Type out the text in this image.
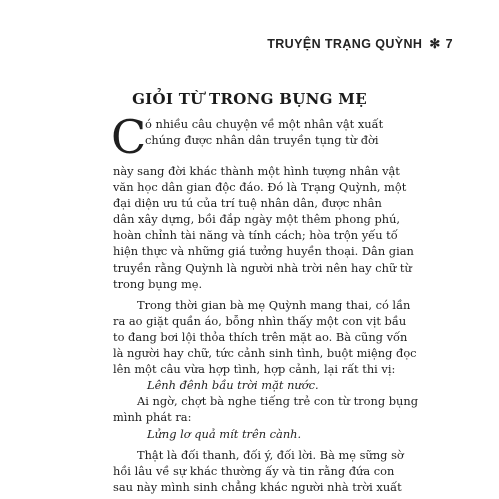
TRUYỆN TRẠNG QUỲNH ✻ 7
GIỎI TỪ TRONG BỤNG MẸ
C
ó nhiều câu chuyện về một nhân vật xuất
chúng được nhân dân truyền tụng từ đời
này sang đời khác thành một hình tượng nhân vật
văn học dân gian độc đáo. Đó là Trạng Quỳnh, một
đại diện ưu tú của trí tuệ nhân dân, được nhân
dân xây dựng, bồi đắp ngày một thêm phong phú,
hoàn chỉnh tài năng và tính cách; hòa trộn yếu tố
hiện thực và những giá tưởng huyền thoại. Dân gian
truyền rằng Quỳnh là người nhà trời nên hay chữ từ
trong bụng mẹ.
Trong thời gian bà mẹ Quỳnh mang thai, có lần
ra ao giặt quần áo, bỗng nhìn thấy một con vịt bầu
to đang bơi lội thỏa thích trên mặt ao. Bà cũng vốn
là người hay chữ, tức cảnh sinh tình, buột miệng đọc
lên một câu vừa hợp tình, hợp cảnh, lại rất thi vị:
Lênh đênh bầu trời mặt nước.
Ai ngờ, chợt bà nghe tiếng trẻ con từ trong bụng
mình phát ra:
Lửng lơ quả mít trên cành.
Thật là đối thanh, đối ý, đối lời. Bà mẹ sững sờ
hồi lâu về sự khác thường ấy và tin rằng đứa con
sau này mình sinh chẳng khác người nhà trời xuất
